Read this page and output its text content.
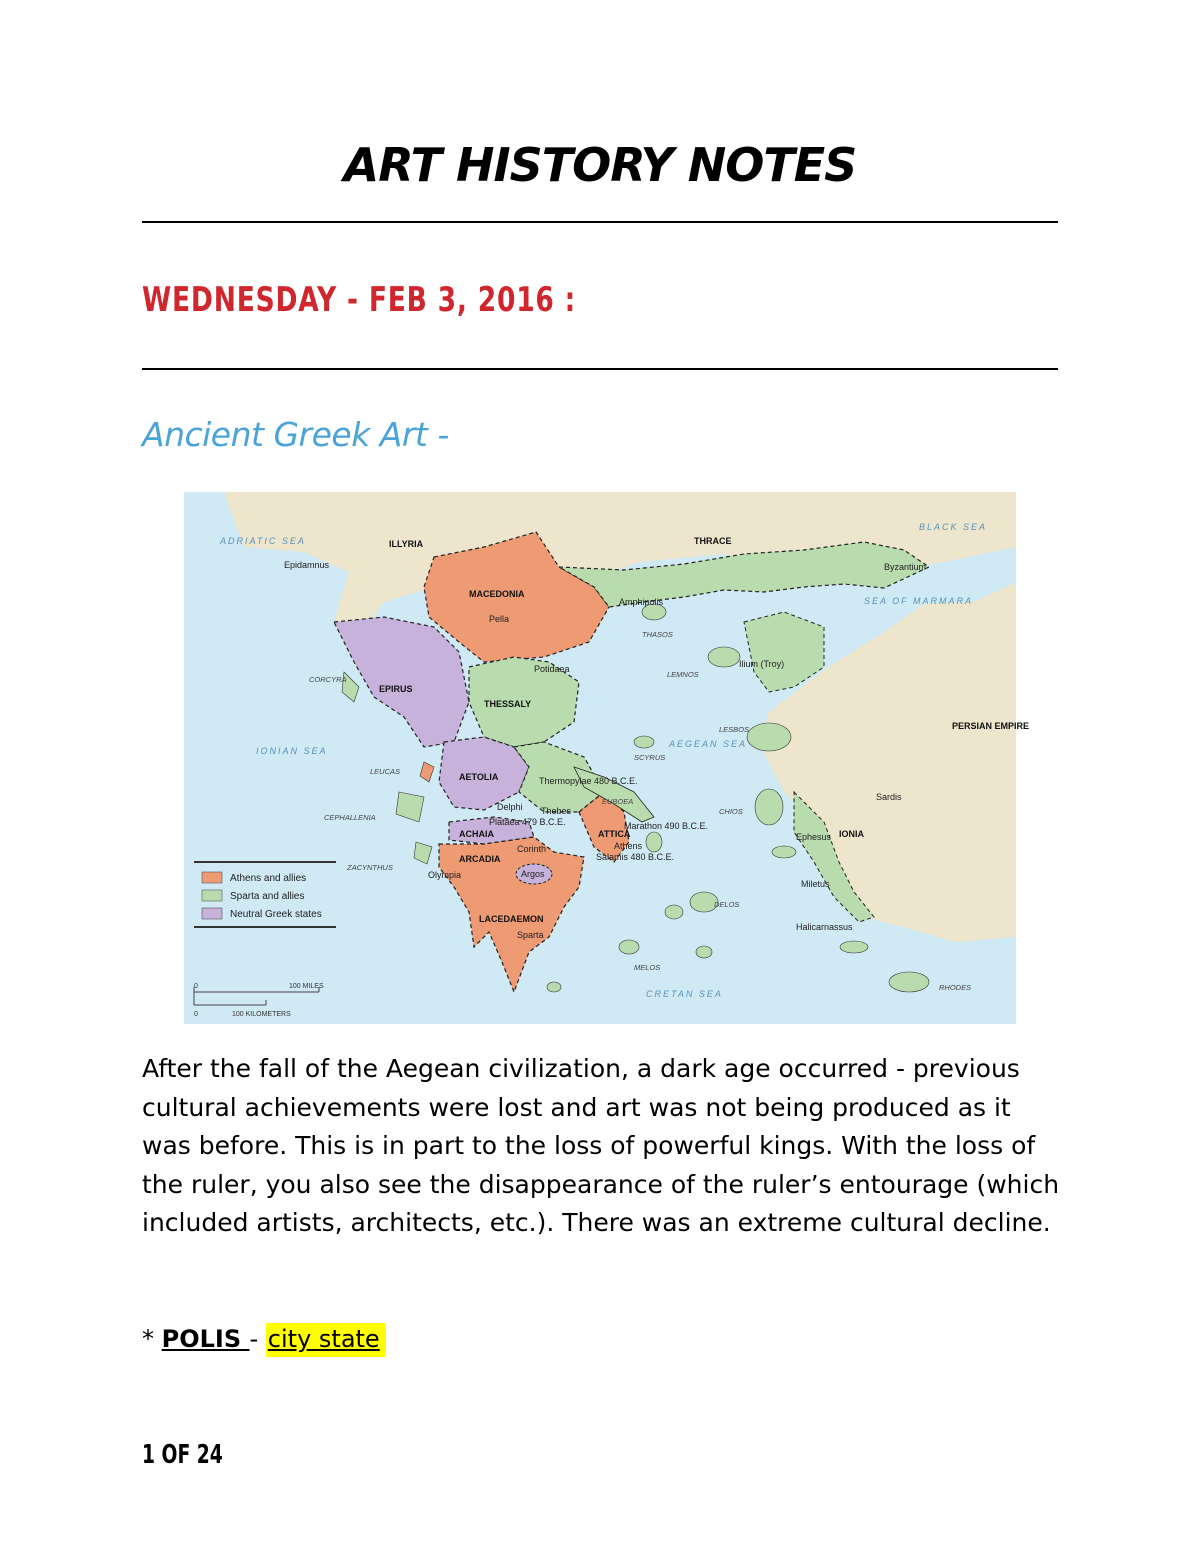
ART HISTORY NOTES
WEDNESDAY - FEB 3, 2016 :
Ancient Greek Art -
ADRIATIC SEA
BLACK SEA
SEA OF MARMARA
AEGEAN SEA
IONIAN SEA
CRETAN SEA
ILLYRIA	THRACE
MACEDONIA
EPIRUS
THESSALY
AETOLIA
ACHAIA	ATTICA
ARCADIA
LACEDAEMON
PERSIAN EMPIRE
IONIA
Epidamnus	Byzantium
Amphipolis
Pella
Potidaea	Ilium (Troy)
Thermopylae 480 B.C.E.
Delphi Thebes
Plataea 479 B.C.E.	Marathon 490 B.C.E.
Athens
Salamis 480 B.C.E.
Corinth
Argos
Olympia
Sparta
Sardis
Ephesus
Miletus
Halicarnassus
THASOS
LEMNOS
LESBOS
SCYRUS
EUBOEA
CHIOS
DELOS
MELOS
RHODES
CORCYRA
LEUCAS
CEPHALLENIA
ZACYNTHUS
Athens and allies
Sparta and allies
Neutral Greek states
0	100 MILES
0	100 KILOMETERS
After the fall of the Aegean civilization, a dark age occurred - previous cultural achievements were lost and art was not being produced as it was before. This is in part to the loss of powerful kings. With the loss of the ruler, you also see the disappearance of the ruler’s entourage (which included artists, architects, etc.). There was an extreme cultural decline.
* POLIS - city state
1 OF 24
